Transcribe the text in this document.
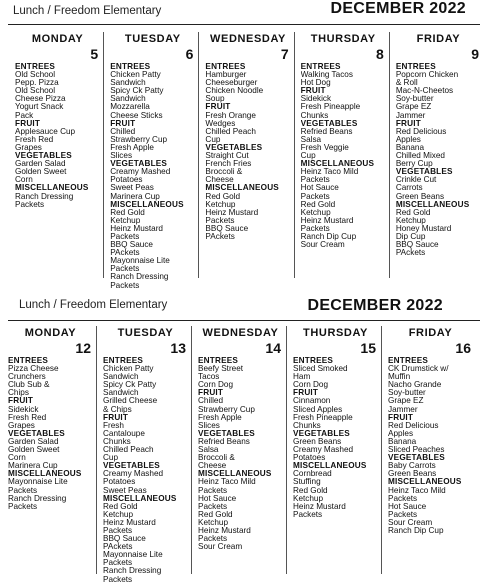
Lunch / Freedom Elementary	DECEMBER 2022
MONDAY
5
ENTREES
Old School
Pepp. Pizza
Old School
Cheese Pizza
Yogurt Snack
Pack
FRUIT
Applesauce Cup
Fresh Red
Grapes
VEGETABLES
Garden Salad
Golden Sweet
Corn
MISCELLANEOUS
Ranch Dressing
Packets
TUESDAY
6
ENTREES
Chicken Patty
Sandwich
Spicy Ck Patty
Sandwich
Mozzarella
Cheese Sticks
FRUIT
Chilled
Strawberry Cup
Fresh Apple
Slices
VEGETABLES
Creamy Mashed
Potatoes
Sweet Peas
Marinera Cup
MISCELLANEOUS
Red Gold
Ketchup
Heinz Mustard
Packets
BBQ Sauce
PAckets
Mayonnaise Lite
Packets
Ranch Dressing
Packets
WEDNESDAY
7
ENTREES
Hamburger
Cheeseburger
Chicken Noodle
Soup
FRUIT
Fresh Orange
Wedges
Chilled Peach
Cup
VEGETABLES
Straight Cut
French Fries
Broccoli &
Cheese
MISCELLANEOUS
Red Gold
Ketchup
Heinz Mustard
Packets
BBQ Sauce
PAckets
THURSDAY
8
ENTREES
Walking Tacos
Hot Dog
FRUIT
Sidekick
Fresh Pineapple
Chunks
VEGETABLES
Refried Beans
Salsa
Fresh Veggie
Cup
MISCELLANEOUS
Heinz Taco Mild
Packets
Hot Sauce
Packets
Red Gold
Ketchup
Heinz Mustard
Packets
Ranch Dip Cup
Sour Cream
FRIDAY
9
ENTREES
Popcorn Chicken
& Roll
Mac-N-Cheetos
Soy-butter
Grape EZ
Jammer
FRUIT
Red Delicious
Apples
Banana
Chilled Mixed
Berry Cup
VEGETABLES
Crinkle Cut
Carrots
Green Beans
MISCELLANEOUS
Red Gold
Ketchup
Honey Mustard
Dip Cup
BBQ Sauce
PAckets
Lunch / Freedom Elementary	DECEMBER 2022
MONDAY
12
ENTREES
Pizza Cheese
Crunchers
Club Sub &
Chips
FRUIT
Sidekick
Fresh Red
Grapes
VEGETABLES
Garden Salad
Golden Sweet
Corn
Marinera Cup
MISCELLANEOUS
Mayonnaise Lite
Packets
Ranch Dressing
Packets
TUESDAY
13
ENTREES
Chicken Patty
Sandwich
Spicy Ck Patty
Sandwich
Grilled Cheese
& Chips
FRUIT
Fresh
Cantaloupe
Chunks
Chilled Peach
Cup
VEGETABLES
Creamy Mashed
Potatoes
Sweet Peas
MISCELLANEOUS
Red Gold
Ketchup
Heinz Mustard
Packets
BBQ Sauce
PAckets
Mayonnaise Lite
Packets
Ranch Dressing
Packets
WEDNESDAY
14
ENTREES
Beefy Street
Tacos
Corn Dog
FRUIT
Chilled
Strawberry Cup
Fresh Apple
Slices
VEGETABLES
Refried Beans
Salsa
Broccoli &
Cheese
MISCELLANEOUS
Heinz Taco Mild
Packets
Hot Sauce
Packets
Red Gold
Ketchup
Heinz Mustard
Packets
Sour Cream
THURSDAY
15
ENTREES
Sliced Smoked
Ham
Corn Dog
FRUIT
Cinnamon
Sliced Apples
Fresh Pineapple
Chunks
VEGETABLES
Green Beans
Creamy Mashed
Potatoes
MISCELLANEOUS
Cornbread
Stuffing
Red Gold
Ketchup
Heinz Mustard
Packets
FRIDAY
16
ENTREES
CK Drumstick w/
Muffin
Nacho Grande
Soy-butter
Grape EZ
Jammer
FRUIT
Red Delicious
Apples
Banana
Sliced Peaches
VEGETABLES
Baby Carrots
Green Beans
MISCELLANEOUS
Heinz Taco Mild
Packets
Hot Sauce
Packets
Sour Cream
Ranch Dip Cup
